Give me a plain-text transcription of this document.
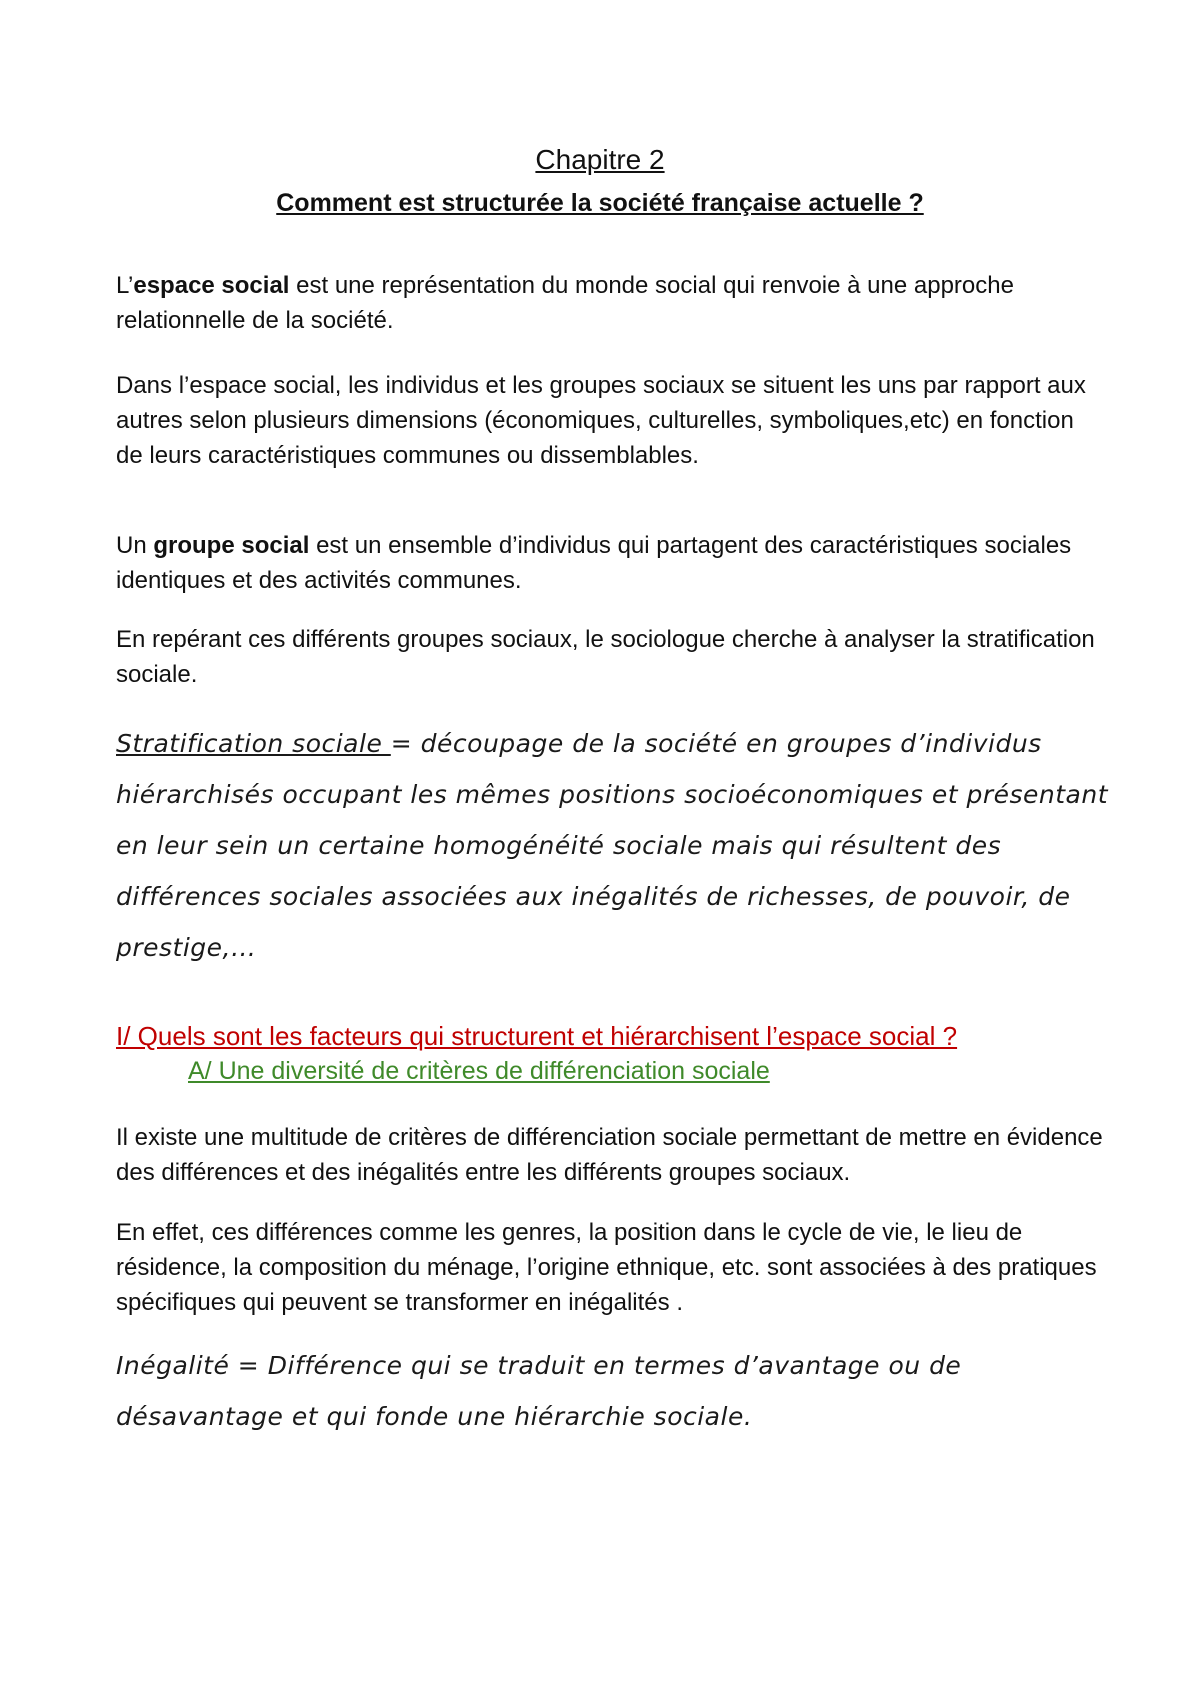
Chapitre 2
Comment est structurée la société française actuelle ?

L’espace social est une représentation du monde social qui renvoie à une approche relationnelle de la société.

Dans l’espace social, les individus et les groupes sociaux se situent les uns par rapport aux autres selon plusieurs dimensions (économiques, culturelles, symboliques,etc) en fonction de leurs caractéristiques communes ou dissemblables.

Un groupe social est un ensemble d’individus qui partagent des caractéristiques sociales identiques et des activités communes.

En repérant ces différents groupes sociaux, le sociologue cherche à analyser la stratification sociale.

Stratification sociale = découpage de la société en groupes d’individus hiérarchisés occupant les mêmes positions socioéconomiques et présentant en leur sein un certaine homogénéité sociale mais qui résultent des différences sociales associées aux inégalités de richesses, de pouvoir, de prestige,…
I/ Quels sont les facteurs qui structurent et hiérarchisent l’espace social ?
A/ Une diversité de critères de différenciation sociale

Il existe une multitude de critères de différenciation sociale permettant de mettre en évidence des différences et des inégalités entre les différents groupes sociaux.

En effet, ces différences comme les genres, la position dans le cycle de vie, le lieu de résidence, la composition du ménage, l’origine ethnique, etc. sont associées à des pratiques spécifiques qui peuvent se transformer en inégalités .

Inégalité = Différence qui se traduit en termes d’avantage ou de désavantage et qui fonde une hiérarchie sociale.
